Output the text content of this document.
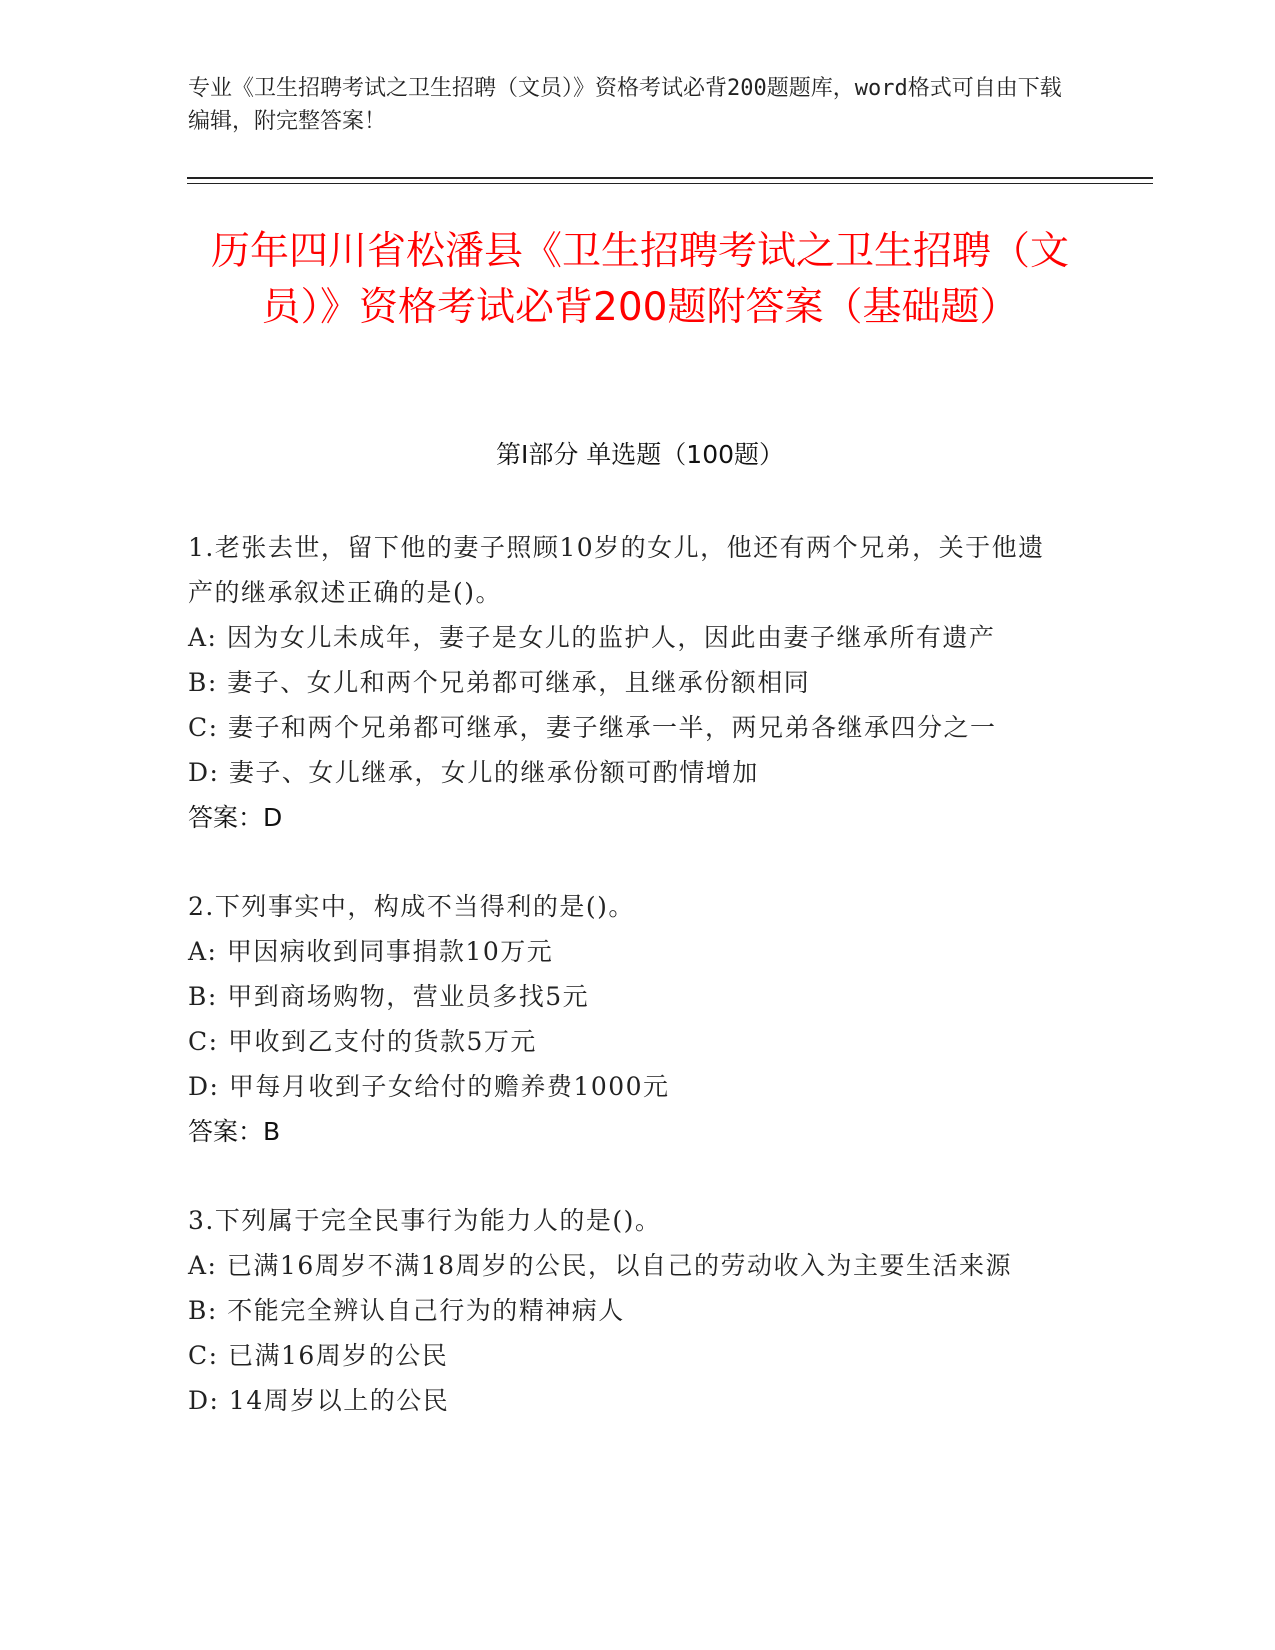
专业《卫生招聘考试之卫生招聘（文员）》资格考试必背200题题库，word格式可自由下载编辑，附完整答案！
历年四川省松潘县《卫生招聘考试之卫生招聘（文员）》资格考试必背200题附答案（基础题）
第I部分 单选题（100题）
1.老张去世，留下他的妻子照顾10岁的女儿，他还有两个兄弟，关于他遗产的继承叙述正确的是()。
A: 因为女儿未成年，妻子是女儿的监护人，因此由妻子继承所有遗产
B: 妻子、女儿和两个兄弟都可继承，且继承份额相同
C: 妻子和两个兄弟都可继承，妻子继承一半，两兄弟各继承四分之一
D: 妻子、女儿继承，女儿的继承份额可酌情增加
答案：D
2.下列事实中，构成不当得利的是()。
A: 甲因病收到同事捐款10万元
B: 甲到商场购物，营业员多找5元
C: 甲收到乙支付的货款5万元
D: 甲每月收到子女给付的赡养费1000元
答案：B
3.下列属于完全民事行为能力人的是()。
A: 已满16周岁不满18周岁的公民，以自己的劳动收入为主要生活来源
B: 不能完全辨认自己行为的精神病人
C: 已满16周岁的公民
D: 14周岁以上的公民
